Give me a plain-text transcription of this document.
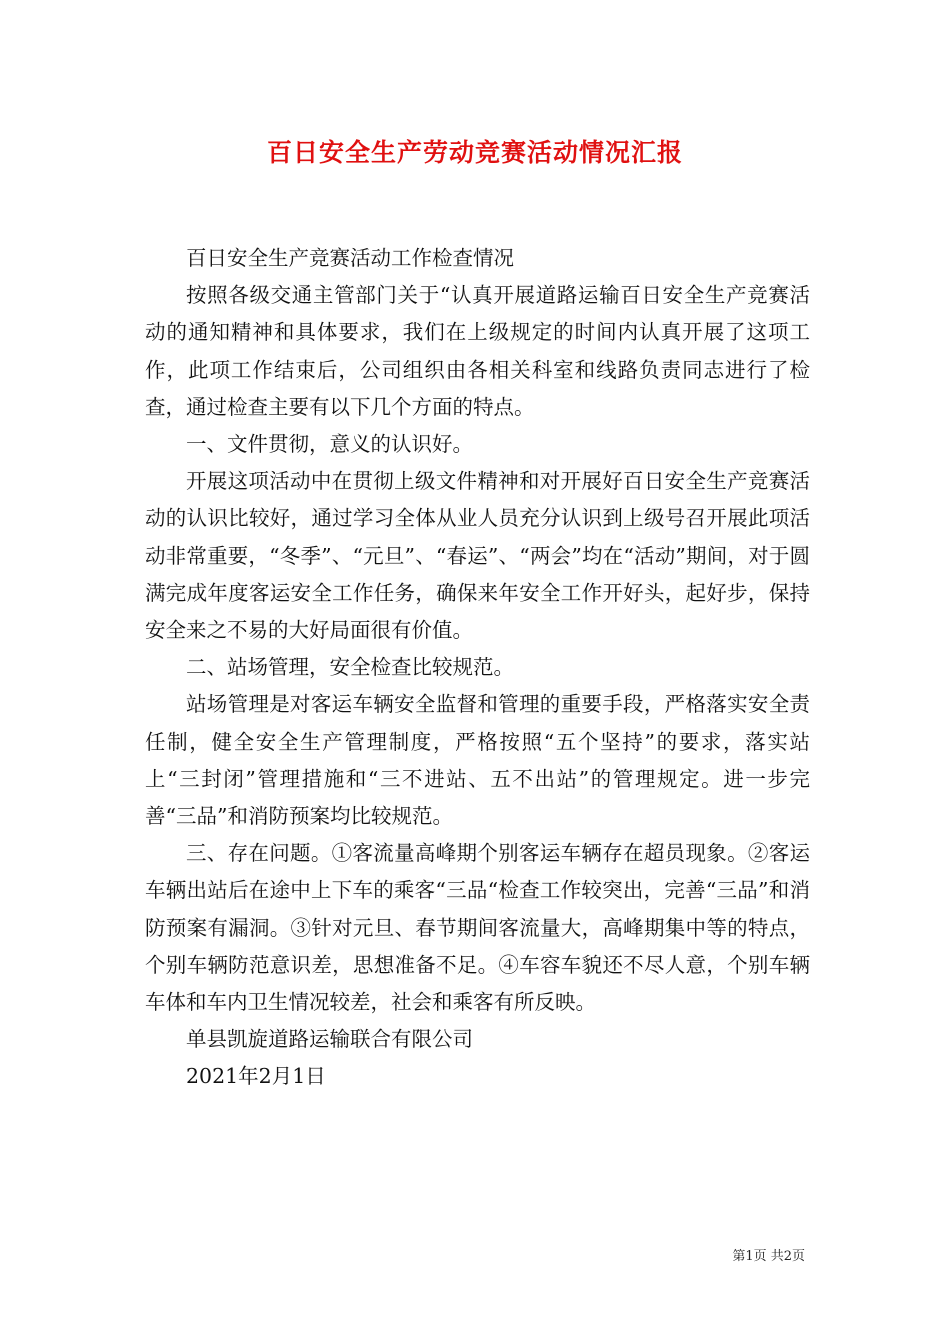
百日安全生产劳动竞赛活动情况汇报

百日安全生产竞赛活动工作检查情况

按照各级交通主管部门关于“认真开展道路运输百日安全生产竞赛活动的通知精神和具体要求，我们在上级规定的时间内认真开展了这项工作，此项工作结束后，公司组织由各相关科室和线路负责同志进行了检查，通过检查主要有以下几个方面的特点。

一、文件贯彻，意义的认识好。

开展这项活动中在贯彻上级文件精神和对开展好百日安全生产竞赛活动的认识比较好，通过学习全体从业人员充分认识到上级号召开展此项活动非常重要，“冬季”、“元旦”、“春运”、“两会”均在“活动”期间，对于圆满完成年度客运安全工作任务，确保来年安全工作开好头，起好步，保持安全来之不易的大好局面很有价值。

二、站场管理，安全检查比较规范。

站场管理是对客运车辆安全监督和管理的重要手段，严格落实安全责任制，健全安全生产管理制度，严格按照“五个坚持”的要求，落实站上“三封闭”管理措施和“三不进站、五不出站”的管理规定。进一步完善“三品”和消防预案均比较规范。

三、存在问题。①客流量高峰期个别客运车辆存在超员现象。②客运车辆出站后在途中上下车的乘客“三品“检查工作较突出，完善“三品”和消防预案有漏洞。③针对元旦、春节期间客流量大，高峰期集中等的特点，个别车辆防范意识差，思想准备不足。④车容车貌还不尽人意，个别车辆车体和车内卫生情况较差，社会和乘客有所反映。

单县凯旋道路运输联合有限公司

2021年2月1日

第1页 共2页
